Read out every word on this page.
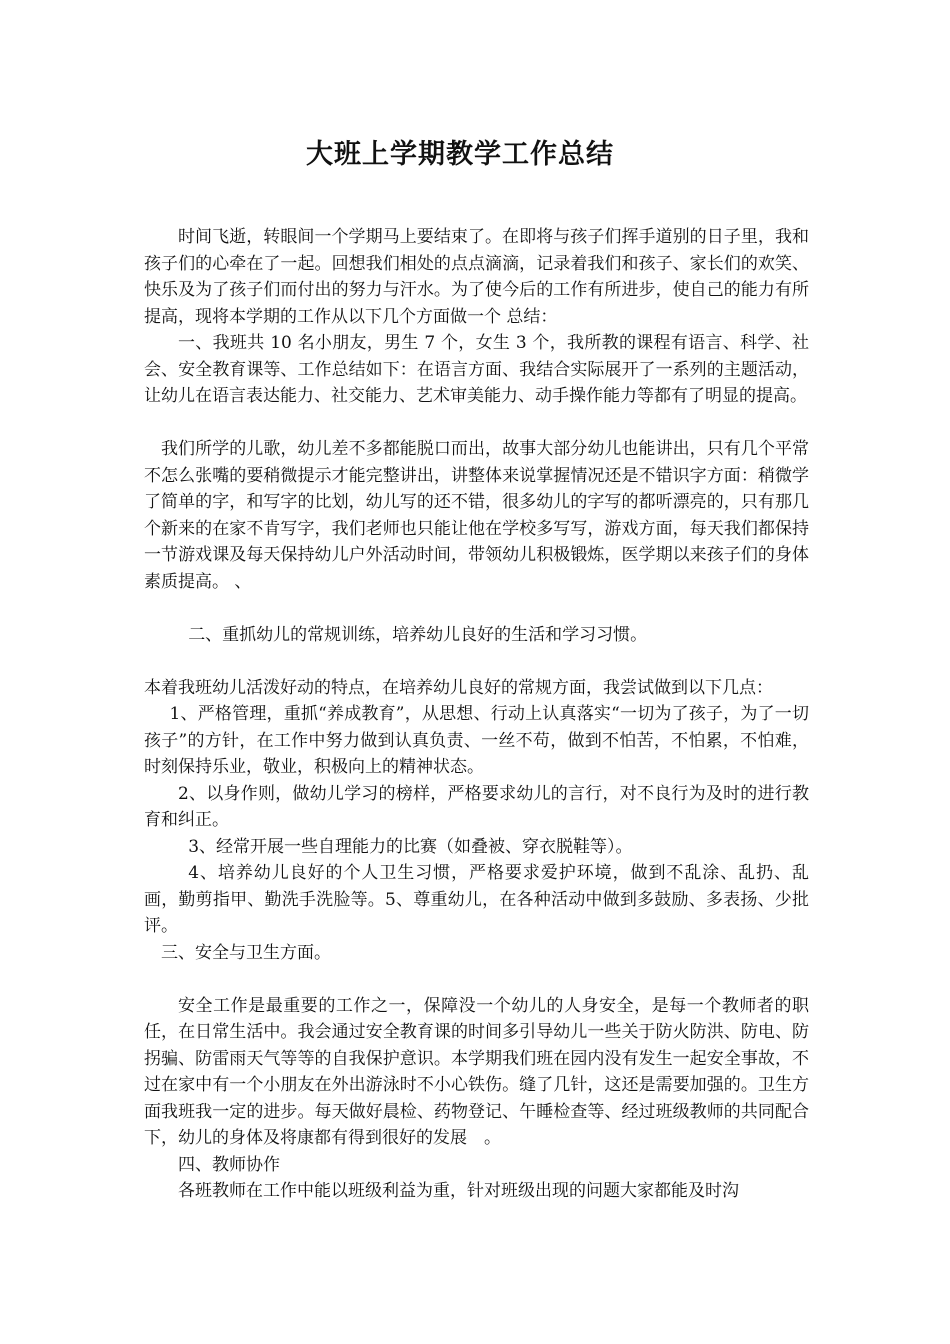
大班上学期教学工作总结

时间飞逝，转眼间一个学期马上要结束了。在即将与孩子们挥手道别的日子里，我和孩子们的心牵在了一起。回想我们相处的点点滴滴，记录着我们和孩子、家长们的欢笑、快乐及为了孩子们而付出的努力与汗水。为了使今后的工作有所进步，使自己的能力有所提高，现将本学期的工作从以下几个方面做一个 总结：

一、我班共 10 名小朋友，男生 7 个，女生 3 个，我所教的课程有语言、科学、社会、安全教育课等、工作总结如下：在语言方面、我结合实际展开了一系列的主题活动，让幼儿在语言表达能力、社交能力、艺术审美能力、动手操作能力等都有了明显的提高。

我们所学的儿歌，幼儿差不多都能脱口而出，故事大部分幼儿也能讲出，只有几个平常不怎么张嘴的要稍微提示才能完整讲出，讲整体来说掌握情况还是不错识字方面：稍微学了简单的字，和写字的比划，幼儿写的还不错，很多幼儿的字写的都听漂亮的，只有那几个新来的在家不肯写字，我们老师也只能让他在学校多写写，游戏方面，每天我们都保持一节游戏课及每天保持幼儿户外活动时间，带领幼儿积极锻炼，医学期以来孩子们的身体素质提高。 、

二、重抓幼儿的常规训练，培养幼儿良好的生活和学习习惯。

本着我班幼儿活泼好动的特点，在培养幼儿良好的常规方面，我尝试做到以下几点：

1、严格管理，重抓“养成教育”，从思想、行动上认真落实“一切为了孩子，为了一切孩子”的方针，在工作中努力做到认真负责、一丝不苟，做到不怕苦，不怕累，不怕难，时刻保持乐业，敬业，积极向上的精神状态。

2、以身作则，做幼儿学习的榜样，严格要求幼儿的言行，对不良行为及时的进行教育和纠正。

3、经常开展一些自理能力的比赛（如叠被、穿衣脱鞋等）。

4、培养幼儿良好的个人卫生习惯，严格要求爱护环境，做到不乱涂、乱扔、乱画，勤剪指甲、勤洗手洗脸等。5、尊重幼儿，在各种活动中做到多鼓励、多表扬、少批评。

三、安全与卫生方面。

安全工作是最重要的工作之一，保障没一个幼儿的人身安全，是每一个教师者的职任，在日常生活中。我会通过安全教育课的时间多引导幼儿一些关于防火防洪、防电、防拐骗、防雷雨天气等等的自我保护意识。本学期我们班在园内没有发生一起安全事故，不过在家中有一个小朋友在外出游泳时不小心铁伤。缝了几针，这还是需要加强的。卫生方面我班我一定的进步。每天做好晨检、药物登记、午睡检查等、经过班级教师的共同配合下，幼儿的身体及将康都有得到很好的发展　。

四、教师协作

各班教师在工作中能以班级利益为重，针对班级出现的问题大家都能及时沟
